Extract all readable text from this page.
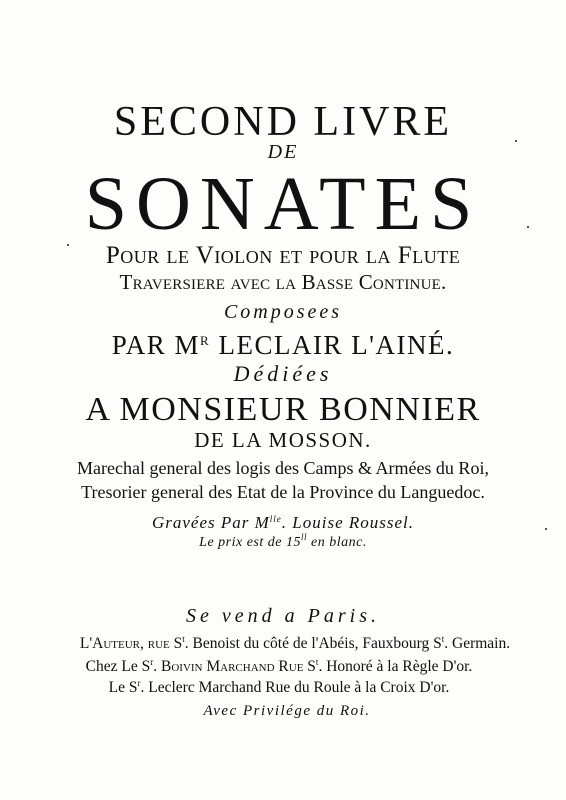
SECOND LIVRE
DE
SONATES
Pour le Violon et pour la Flute
Traversiere avec la Basse Continue.
Composees
PAR $M^R$ LECLAIR L'AINÉ.
Dédiées
A MONSIEUR BONNIER
DE LA MOSSON.
Marechal general des logis des Camps & Armées du Roi,
Tresorier general des Etat de la Province du Languedoc.
Gravées Par $M^{lle}$. Louise Roussel.
Le prix est de $15^{ll}$ en blanc.
Se vend a Paris.
L'Auteur, rue $S^t$. Benoist du côté de l'Abéis, Fauxbourg $S^t$. Germain.
Chez Le $S^r$. Boivin Marchand Rue $S^t$. Honoré à la Règle D'or.
Le $S^r$. Leclerc Marchand Rue du Roule à la Croix D'or.
Avec Privilége du Roi.
